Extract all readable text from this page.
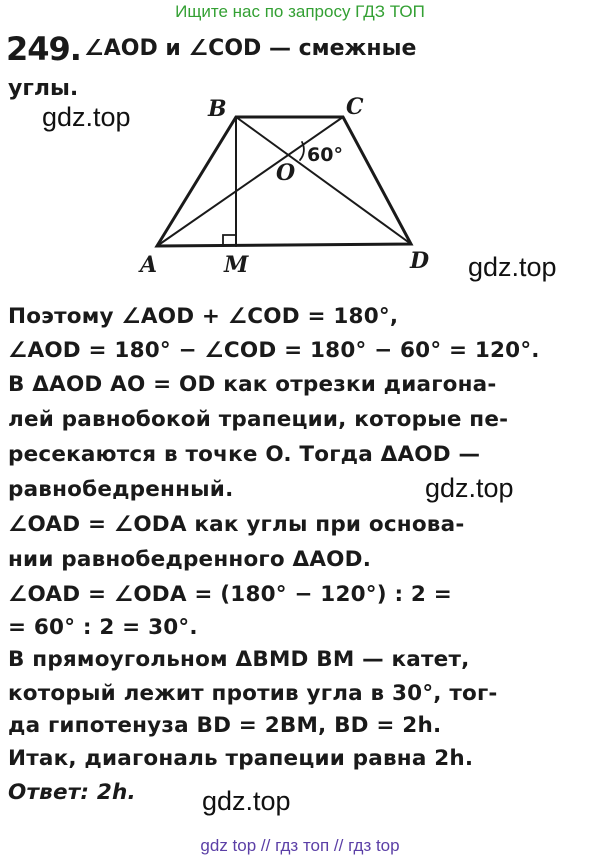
Ищите нас по запросу ГДЗ ТОП
249. ∠AOD и ∠COD — смежные
углы.
B	C
A	M	D
O
60°
gdz.top
gdz.top
gdz.top
gdz.top
Поэтому ∠AOD + ∠COD = 180°,
∠AOD = 180° − ∠COD = 180° − 60° = 120°.
В ΔAOD AO = OD как отрезки диагона-
лей равнобокой трапеции, которые пе-
ресекаются в точке O. Тогда ΔAOD —
равнобедренный.
∠OAD = ∠ODA как углы при основа-
нии равнобедренного ΔAOD.
∠OAD = ∠ODA = (180° − 120°) : 2 =
= 60° : 2 = 30°.
В прямоугольном ΔBMD BM — катет,
который лежит против угла в 30°, тог-
да гипотенуза BD = 2BM, BD = 2h.
Итак, диагональ трапеции равна 2h.
Ответ: 2h.
gdz top // гдз топ // гдз top
